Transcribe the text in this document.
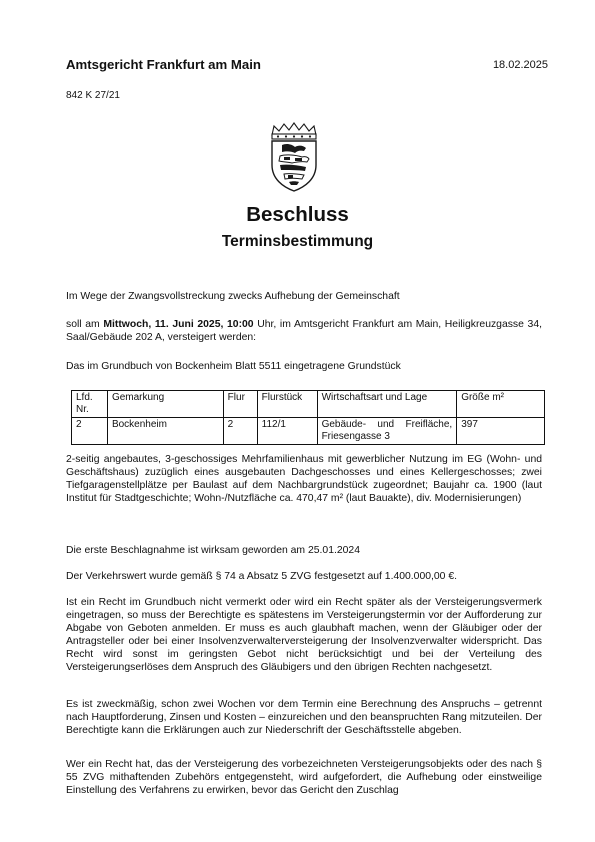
Amtsgericht Frankfurt am Main	18.02.2025
842 K 27/21
Beschluss
Terminsbestimmung
Im Wege der Zwangsvollstreckung zwecks Aufhebung der Gemeinschaft
soll am Mittwoch, 11. Juni 2025, 10:00 Uhr, im Amtsgericht Frankfurt am Main, Heiligkreuzgasse 34, Saal/Gebäude 202 A, versteigert werden:
Das im Grundbuch von Bockenheim Blatt 5511 eingetragene Grundstück
Lfd. Nr.	Gemarkung	Flur	Flurstück	Wirtschaftsart und Lage	Größe m²
2	Bockenheim	2	112/1	Gebäude- und Freifläche, Friesengasse 3	397
2-seitig angebautes, 3-geschossiges Mehrfamilienhaus mit gewerblicher Nutzung im EG (Wohn- und Geschäftshaus) zuzüglich eines ausgebauten Dachgeschosses und eines Kellergeschosses; zwei Tiefgaragenstellplätze per Baulast auf dem Nachbargrundstück zugeordnet; Baujahr ca. 1900 (laut Institut für Stadtgeschichte; Wohn-/Nutzfläche ca. 470,47 m² (laut Bauakte), div. Modernisierungen)
Die erste Beschlagnahme ist wirksam geworden am 25.01.2024
Der Verkehrswert wurde gemäß § 74 a Absatz 5 ZVG festgesetzt auf 1.400.000,00 €.
Ist ein Recht im Grundbuch nicht vermerkt oder wird ein Recht später als der Versteigerungsvermerk eingetragen, so muss der Berechtigte es spätestens im Versteigerungstermin vor der Aufforderung zur Abgabe von Geboten anmelden. Er muss es auch glaubhaft machen, wenn der Gläubiger oder der Antragsteller oder bei einer Insolvenzverwalterversteigerung der Insolvenzverwalter widerspricht. Das Recht wird sonst im geringsten Gebot nicht berücksichtigt und bei der Verteilung des Versteigerungserlöses dem Anspruch des Gläubigers und den übrigen Rechten nachgesetzt.
Es ist zweckmäßig, schon zwei Wochen vor dem Termin eine Berechnung des Anspruchs – getrennt nach Hauptforderung, Zinsen und Kosten – einzureichen und den beanspruchten Rang mitzuteilen. Der Berechtigte kann die Erklärungen auch zur Niederschrift der Geschäftsstelle abgeben.
Wer ein Recht hat, das der Versteigerung des vorbezeichneten Versteigerungsobjekts oder des nach § 55 ZVG mithaftenden Zubehörs entgegensteht, wird aufgefordert, die Aufhebung oder einstweilige Einstellung des Verfahrens zu erwirken, bevor das Gericht den Zuschlag
